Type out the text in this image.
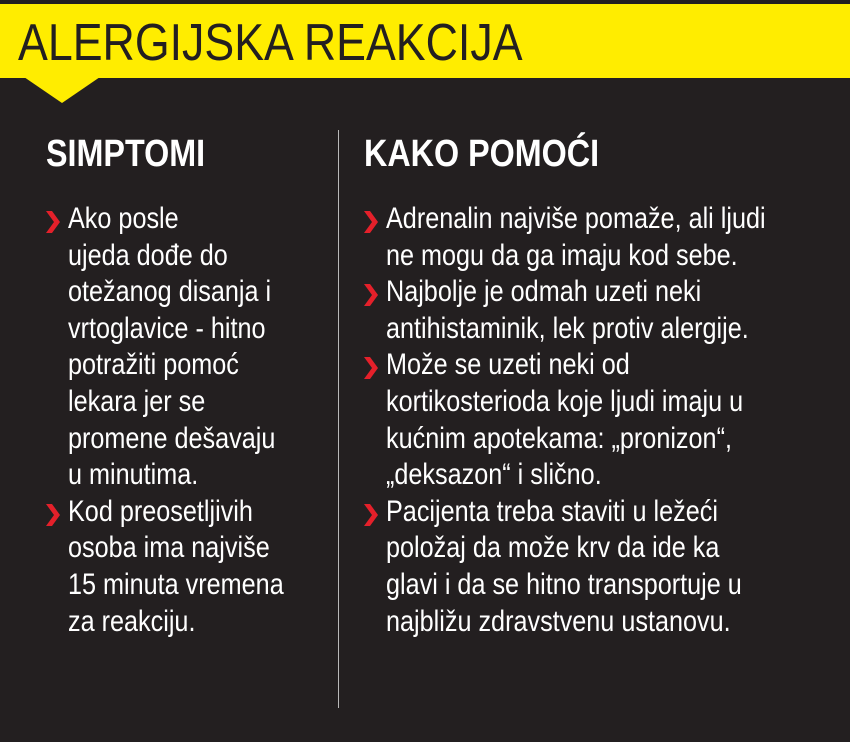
ALERGIJSKA REAKCIJA
SIMPTOMI	KAKO POMOĆI
Ako posle
ujeda dođe do
otežanog disanja i
vrtoglavice - hitno
potražiti pomoć
lekara jer se
promene dešavaju
u minutima.
Kod preosetljivih
osoba ima najviše
15 minuta vremena
za reakciju.
Adrenalin najviše pomaže, ali ljudi
ne mogu da ga imaju kod sebe.
Najbolje je odmah uzeti neki
antihistaminik, lek protiv alergije.
Može se uzeti neki od
kortikosterioda koje ljudi imaju u
kućnim apotekama: „pronizon“,
„deksazon“ i slično.
Pacijenta treba staviti u ležeći
položaj da može krv da ide ka
glavi i da se hitno transportuje u
najbližu zdravstvenu ustanovu.
